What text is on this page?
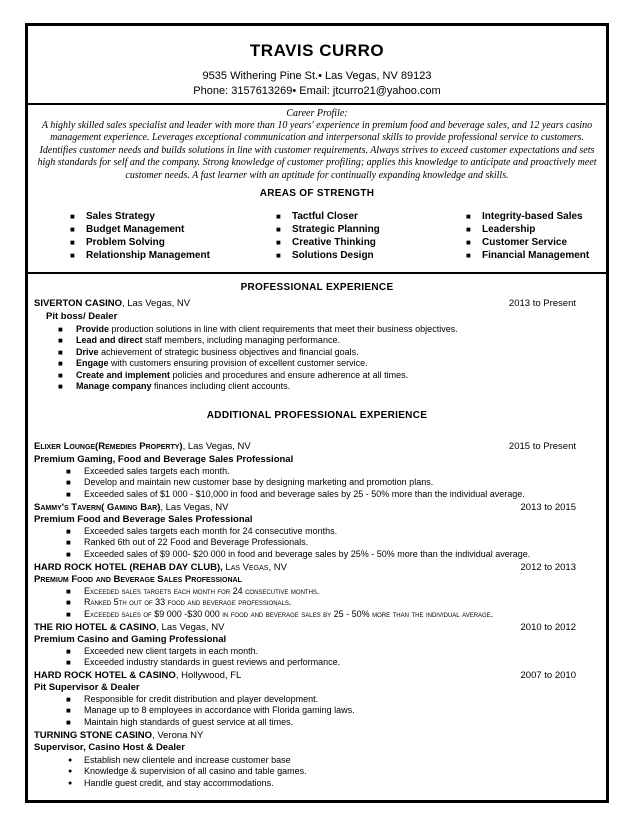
TRAVIS CURRO
9535 Withering Pine St.• Las Vegas, NV 89123
Phone: 3157613269• Email: jtcurro21@yahoo.com
Career Profile:
A highly skilled sales specialist and leader with more than 10 years' experience in premium food and beverage sales, and 12 years casino management experience. Leverages exceptional communication and interpersonal skills to provide professional service to customers. Identifies customer needs and builds solutions in line with customer requirements. Always strives to exceed customer expectations and sets high standards for self and the company. Strong knowledge of customer profiling; applies this knowledge to anticipate and proactively meet customer needs. A fast learner with an aptitude for continually expanding knowledge and skills.
AREAS OF STRENGTH
■ Sales Strategy
■ Budget Management
■ Problem Solving
■ Relationship Management
■ Tactful Closer
■ Strategic Planning
■ Creative Thinking
■ Solutions Design
■ Integrity-based Sales
■ Leadership
■ Customer Service
■ Financial Management
PROFESSIONAL EXPERIENCE
SIVERTON CASINO, Las Vegas, NV	2013 to Present
Pit boss/ Dealer
■ Provide production solutions in line with client requirements that meet their business objectives.
■ Lead and direct staff members, including managing performance.
■ Drive achievement of strategic business objectives and financial goals.
■ Engage with customers ensuring provision of excellent customer service.
■ Create and implement policies and procedures and ensure adherence at all times.
■ Manage company finances including client accounts.
ADDITIONAL PROFESSIONAL EXPERIENCE
Elixer Lounge(Remedies Property), Las Vegas, NV	2015 to Present
Premium Gaming, Food and Beverage Sales Professional
■ Exceeded sales targets each month.
■ Develop and maintain new customer base by designing marketing and promotion plans.
■ Exceeded sales of $1 000 - $10,000 in food and beverage sales by 25 - 50% more than the individual average.
Sammy's Tavern( Gaming Bar), Las Vegas, NV	2013 to 2015
Premium Food and Beverage Sales Professional
■ Exceeded sales targets each month for 24 consecutive months.
■ Ranked 6th out of 22 Food and Beverage Professionals.
■ Exceeded sales of $9 000- $20 000 in food and beverage sales by 25% - 50% more than the individual average.
HARD ROCK HOTEL (REHAB DAY CLUB), Las Vegas, NV	2012 to 2013
Premium Food and Beverage Sales Professional
■ Exceeded sales targets each month for 24 consecutive months.
■ Ranked 5th out of 33 food and beverage professionals.
■ Exceeded sales of $9 000 -$30 000 in food and beverage sales by 25 - 50% more than the individual average.
THE RIO HOTEL & CASINO, Las Vegas, NV	2010 to 2012
Premium Casino and Gaming Professional
■ Exceeded new client targets in each month.
■ Exceeded industry standards in guest reviews and performance.
HARD ROCK HOTEL & CASINO, Hollywood, FL	2007 to 2010
Pit Supervisor & Dealer
■ Responsible for credit distribution and player development.
■ Manage up to 8 employees in accordance with Florida gaming laws.
■ Maintain high standards of guest service at all times.
TURNING STONE CASINO, Verona NY
Supervisor, Casino Host & Dealer
● Establish new clientele and increase customer base
● Knowledge & supervision of all casino and table games.
● Handle guest credit, and stay accommodations.
